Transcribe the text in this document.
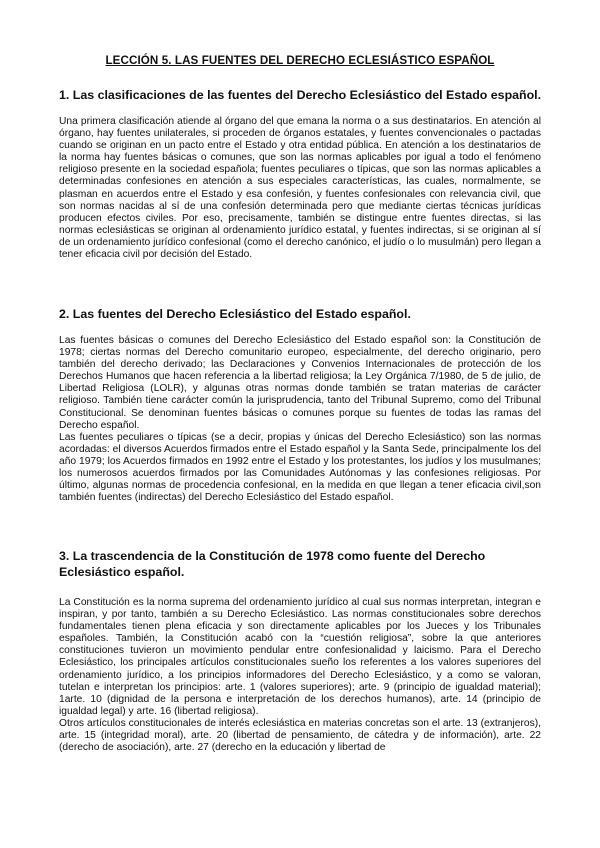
LECCIÓN 5. LAS FUENTES DEL DERECHO ECLESIÁSTICO ESPAÑOL
1. Las clasificaciones de las fuentes del Derecho Eclesiástico del Estado español.

Una primera clasificación atiende al órgano del que emana la norma o a sus destinatarios. En atención al órgano, hay fuentes unilaterales, si proceden de órganos estatales, y fuentes convencionales o pactadas cuando se originan en un pacto entre el Estado y otra entidad pública. En atención a los destinatarios de la norma hay fuentes básicas o comunes, que son las normas aplicables por igual a todo el fenómeno religioso presente en la sociedad española; fuentes peculiares o típicas, que son las normas aplicables a determinadas confesiones en atención a sus especiales características, las cuales, normalmente, se plasman en acuerdos entre el Estado y esa confesión, y fuentes confesionales con relevancia civil, que son normas nacidas al sí de una confesión determinada pero que mediante ciertas técnicas jurídicas producen efectos civiles. Por eso, precisamente, también se distingue entre fuentes directas, si las normas eclesiásticas se originan al ordenamiento jurídico estatal, y fuentes indirectas, si se originan al sí de un ordenamiento jurídico confesional (como el derecho canónico, el judío o lo musulmán) pero llegan a tener eficacia civil por decisión del Estado.

2. Las fuentes del Derecho Eclesiástico del Estado español.

Las fuentes básicas o comunes del Derecho Eclesiástico del Estado español son: la Constitución de 1978; ciertas normas del Derecho comunitario europeo, especialmente, del derecho originario, pero también del derecho derivado; las Declaraciones y Convenios Internacionales de protección de los Derechos Humanos que hacen referencia a la libertad religiosa; la Ley Orgánica 7/1980, de 5 de julio, de Libertad Religiosa (LOLR), y algunas otras normas donde también se tratan materias de carácter religioso. También tiene carácter común la jurisprudencia, tanto del Tribunal Supremo, como del Tribunal Constitucional. Se denominan fuentes básicas o comunes porque su fuentes de todas las ramas del Derecho español.

Las fuentes peculiares o típicas (se a decir, propias y únicas del Derecho Eclesiástico) son las normas acordadas: el diversos Acuerdos firmados entre el Estado español y la Santa Sede, principalmente los del año 1979; los Acuerdos firmados en 1992 entre el Estado y los protestantes, los judíos y los musulmanes; los numerosos acuerdos firmados por las Comunidades Autónomas y las confesiones religiosas. Por último, algunas normas de procedencia confesional, en la medida en que llegan a tener eficacia civil,son también fuentes (indirectas) del Derecho Eclesiástico del Estado español.

3. La trascendencia de la Constitución de 1978 como fuente del Derecho Eclesiástico español.

La Constitución es la norma suprema del ordenamiento jurídico al cual sus normas interpretan, integran e inspiran, y por tanto, también a su Derecho Eclesiástico. Las normas constitucionales sobre derechos fundamentales tienen plena eficacia y son directamente aplicables por los Jueces y los Tribunales españoles. También, la Constitución acabó con la “cuestión religiosa”, sobre la que anteriores constituciones tuvieron un movimiento pendular entre confesionalidad y laicismo. Para el Derecho Eclesiástico, los principales artículos constitucionales sueño los referentes a los valores superiores del ordenamiento jurídico, a los principios informadores del Derecho Eclesiástico, y a como se valoran, tutelan e interpretan los principios: arte. 1 (valores superiores); arte. 9 (principio de igualdad material); 1arte. 10 (dignidad de la persona e interpretación de los derechos humanos), arte. 14 (principio de igualdad legal) y arte. 16 (libertad religiosa).

Otros artículos constitucionales de interés eclesiástica en materias concretas son el arte. 13 (extranjeros), arte. 15 (integridad moral), arte. 20 (libertad de pensamiento, de cátedra y de información), arte. 22 (derecho de asociación), arte. 27 (derecho en la educación y libertad de
